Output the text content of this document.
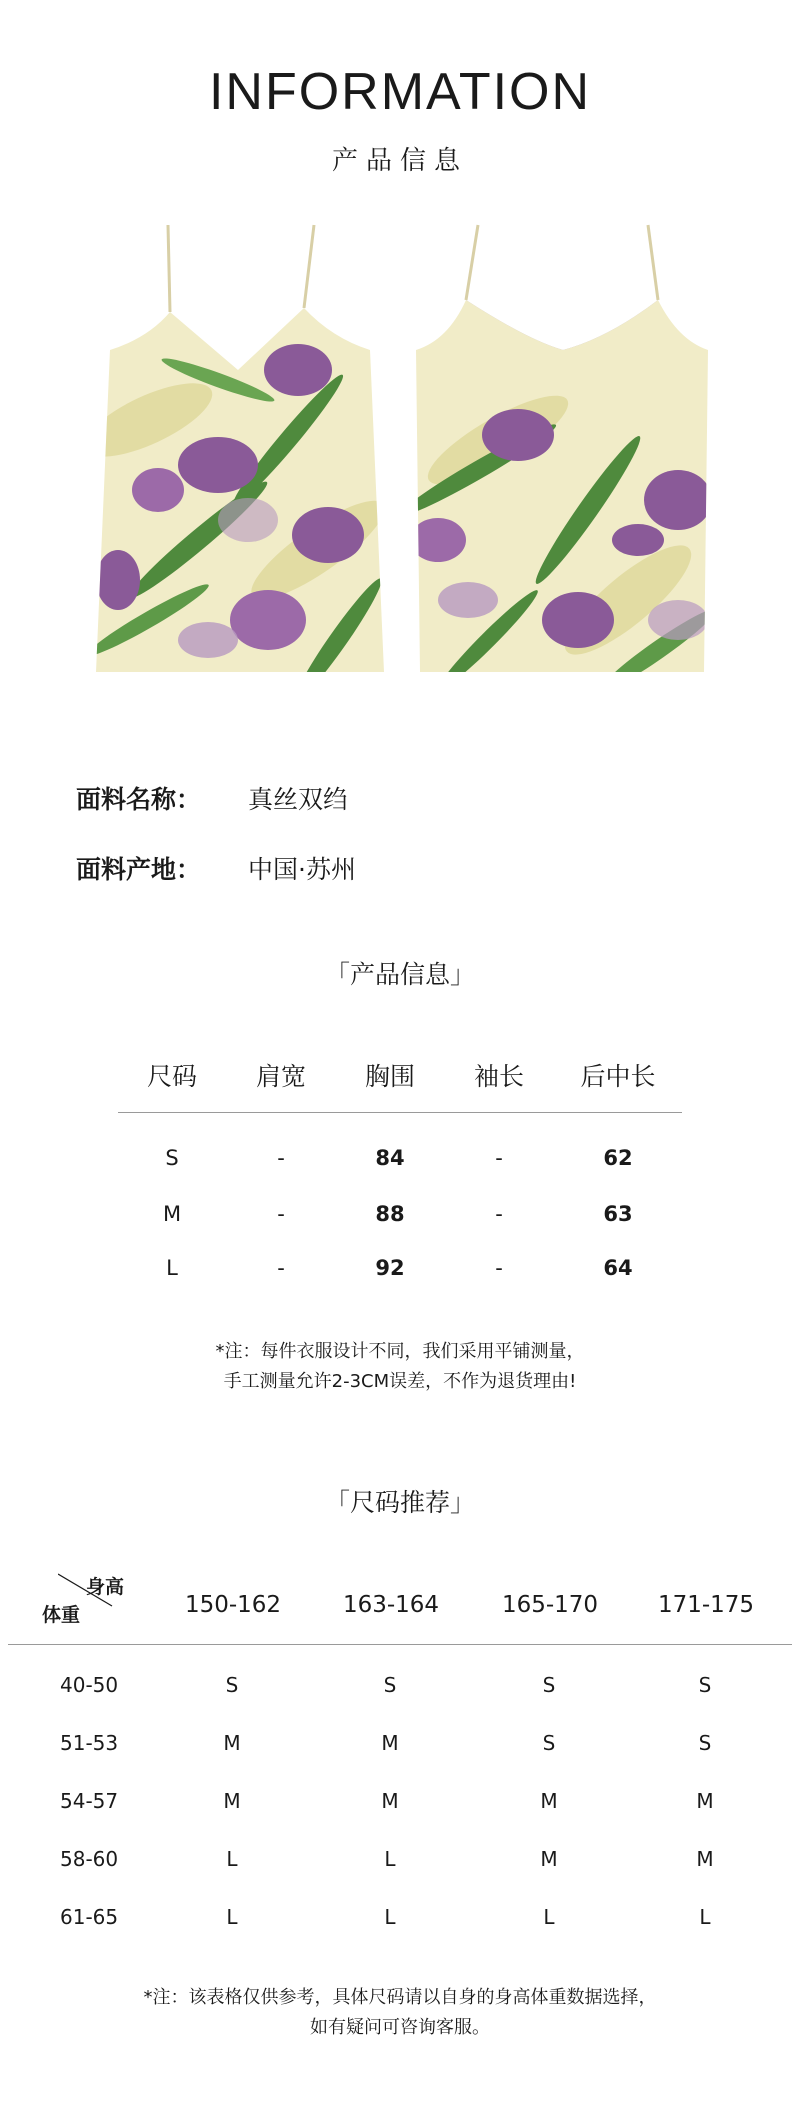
INFORMATION
产品信息
面料名称： 真丝双绉
面料产地： 中国·苏州
「产品信息」
尺码	肩宽	胸围	袖长	后中长
S	-	84	-	62
M	-	88	-	63
L	-	92	-	64
*注：每件衣服设计不同，我们采用平铺测量，
手工测量允许2-3CM误差，不作为退货理由!
「尺码推荐」
身高
体重	150-162	163-164	165-170	171-175
40-50	S	S	S	S
51-53	M	M	S	S
54-57	M	M	M	M
58-60	L	L	M	M
61-65	L	L	L	L
*注：该表格仅供参考，具体尺码请以自身的身高体重数据选择，
如有疑问可咨询客服。
